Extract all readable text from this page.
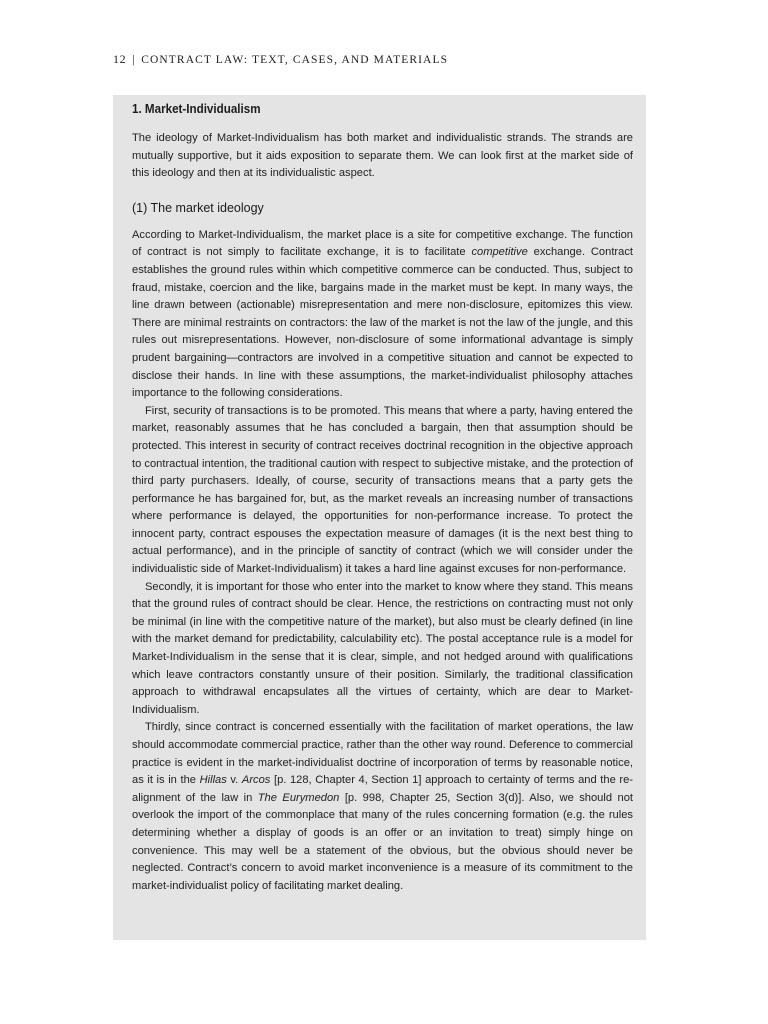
12 | CONTRACT LAW: TEXT, CASES, AND MATERIALS
1. Market-Individualism

The ideology of Market-Individualism has both market and individualistic strands. The strands are mutually supportive, but it aids exposition to separate them. We can look first at the market side of this ideology and then at its individualistic aspect.

(1) The market ideology

According to Market-Individualism, the market place is a site for competitive exchange. The function of contract is not simply to facilitate exchange, it is to facilitate competitive exchange. Contract establishes the ground rules within which competitive commerce can be conducted. Thus, subject to fraud, mistake, coercion and the like, bargains made in the market must be kept. In many ways, the line drawn between (actionable) misrepresentation and mere non-disclosure, epitomizes this view. There are minimal restraints on contractors: the law of the market is not the law of the jungle, and this rules out misrepresentations. However, non-disclosure of some informational advantage is simply prudent bargaining—contractors are involved in a competitive situation and cannot be expected to disclose their hands. In line with these assumptions, the market-individualist philosophy attaches importance to the following considerations.

First, security of transactions is to be promoted. This means that where a party, having entered the market, reasonably assumes that he has concluded a bargain, then that assumption should be protected. This interest in security of contract receives doctrinal recognition in the objective approach to contractual intention, the traditional caution with respect to subjective mistake, and the protection of third party purchasers. Ideally, of course, security of transactions means that a party gets the performance he has bargained for, but, as the market reveals an increasing number of transactions where performance is delayed, the opportunities for non-performance increase. To protect the innocent party, contract espouses the expectation measure of damages (it is the next best thing to actual performance), and in the principle of sanctity of contract (which we will consider under the individualistic side of Market-Individualism) it takes a hard line against excuses for non-performance.

Secondly, it is important for those who enter into the market to know where they stand. This means that the ground rules of contract should be clear. Hence, the restrictions on contracting must not only be minimal (in line with the competitive nature of the market), but also must be clearly defined (in line with the market demand for predictability, calculability etc). The postal acceptance rule is a model for Market-Individualism in the sense that it is clear, simple, and not hedged around with qualifications which leave contractors constantly unsure of their position. Similarly, the traditional classification approach to withdrawal encapsulates all the virtues of certainty, which are dear to Market-Individualism.

Thirdly, since contract is concerned essentially with the facilitation of market operations, the law should accommodate commercial practice, rather than the other way round. Deference to commercial practice is evident in the market-individualist doctrine of incorporation of terms by reasonable notice, as it is in the Hillas v. Arcos [p. 128, Chapter 4, Section 1] approach to certainty of terms and the re-alignment of the law in The Eurymedon [p. 998, Chapter 25, Section 3(d)]. Also, we should not overlook the import of the commonplace that many of the rules concerning formation (e.g. the rules determining whether a display of goods is an offer or an invitation to treat) simply hinge on convenience. This may well be a statement of the obvious, but the obvious should never be neglected. Contract’s concern to avoid market inconvenience is a measure of its commitment to the market-individualist policy of facilitating market dealing.
